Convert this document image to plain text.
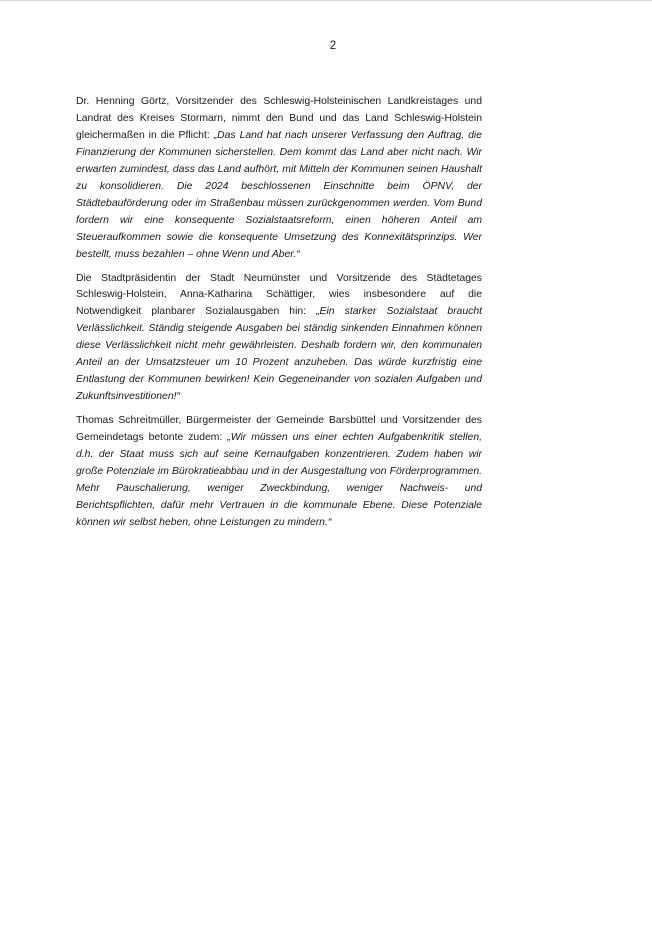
2

Dr. Henning Görtz, Vorsitzender des Schleswig-Holsteinischen Landkreistages und Landrat des Kreises Stormarn, nimmt den Bund und das Land Schleswig-Holstein gleichermaßen in die Pflicht: „Das Land hat nach unserer Verfassung den Auftrag, die Finanzierung der Kommunen sicherstellen. Dem kommt das Land aber nicht nach. Wir erwarten zumindest, dass das Land aufhört, mit Mitteln der Kommunen seinen Haushalt zu konsolidieren. Die 2024 beschlossenen Einschnitte beim ÖPNV, der Städtebauförderung oder im Straßenbau müssen zurückgenommen werden. Vom Bund fordern wir eine konsequente Sozialstaatsreform, einen höheren Anteil am Steueraufkommen sowie die konsequente Umsetzung des Konnexitätsprinzips. Wer bestellt, muss bezahlen – ohne Wenn und Aber.“

Die Stadtpräsidentin der Stadt Neumünster und Vorsitzende des Städtetages Schleswig-Holstein, Anna-Katharina Schättiger, wies insbesondere auf die Notwendigkeit planbarer Sozialausgaben hin: „Ein starker Sozialstaat braucht Verlässlichkeit. Ständig steigende Ausgaben bei ständig sinkenden Einnahmen können diese Verlässlichkeit nicht mehr gewährleisten. Deshalb fordern wir, den kommunalen Anteil an der Umsatzsteuer um 10 Prozent anzuheben. Das würde kurzfristig eine Entlastung der Kommunen bewirken! Kein Gegeneinander von sozialen Aufgaben und Zukunftsinvestitionen!“

Thomas Schreitmüller, Bürgermeister der Gemeinde Barsbüttel und Vorsitzender des Gemeindetags betonte zudem: „Wir müssen uns einer echten Aufgabenkritik stellen, d.h. der Staat muss sich auf seine Kernaufgaben konzentrieren. Zudem haben wir große Potenziale im Bürokratieabbau und in der Ausgestaltung von Förderprogrammen. Mehr Pauschalierung, weniger Zweckbindung, weniger Nachweis- und Berichtspflichten, dafür mehr Vertrauen in die kommunale Ebene. Diese Potenziale können wir selbst heben, ohne Leistungen zu mindern.“
